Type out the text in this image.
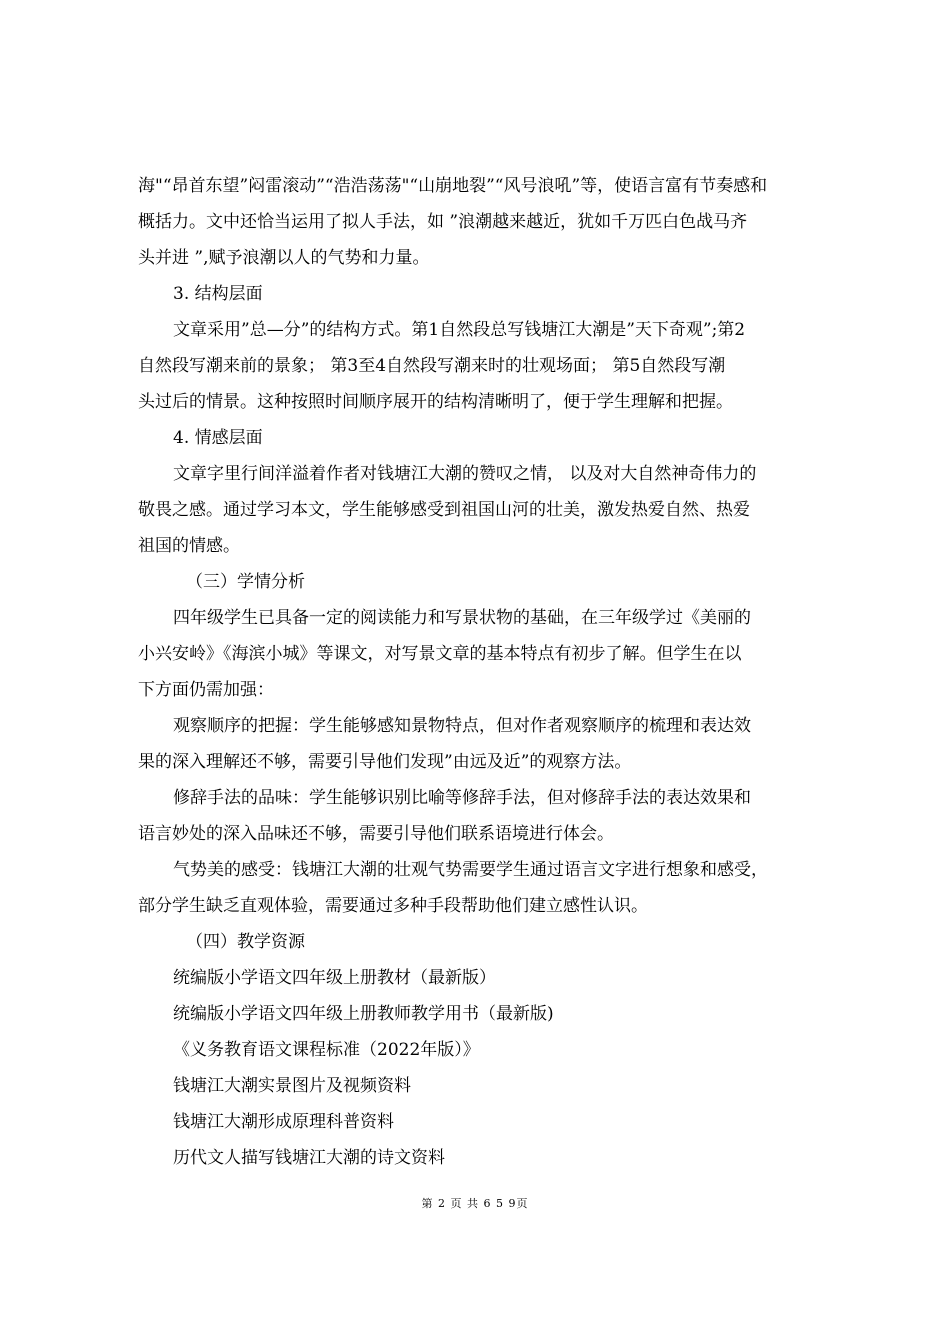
海"“昂首东望”闷雷滚动”“浩浩荡荡"“山崩地裂”“风号浪吼”等，使语言富有节奏感和
概括力。文中还恰当运用了拟人手法，如 ”浪潮越来越近，犹如千万匹白色战马齐
头并进 ”,赋予浪潮以人的气势和力量。
3. 结构层面
文章采用”总—分”的结构方式。第1自然段总写钱塘江大潮是”天下奇观”;第2
自然段写潮来前的景象； 第3至4自然段写潮来时的壮观场面； 第5自然段写潮
头过后的情景。这种按照时间顺序展开的结构清晰明了，便于学生理解和把握。
4. 情感层面
文章字里行间洋溢着作者对钱塘江大潮的赞叹之情， 以及对大自然神奇伟力的
敬畏之感。通过学习本文，学生能够感受到祖国山河的壮美，激发热爱自然、热爱
祖国的情感。
（三）学情分析
四年级学生已具备一定的阅读能力和写景状物的基础，在三年级学过《美丽的
小兴安岭》《海滨小城》等课文，对写景文章的基本特点有初步了解。但学生在以
下方面仍需加强：
观察顺序的把握：学生能够感知景物特点，但对作者观察顺序的梳理和表达效
果的深入理解还不够，需要引导他们发现”由远及近”的观察方法。
修辞手法的品味：学生能够识别比喻等修辞手法，但对修辞手法的表达效果和
语言妙处的深入品味还不够，需要引导他们联系语境进行体会。
气势美的感受：钱塘江大潮的壮观气势需要学生通过语言文字进行想象和感受，
部分学生缺乏直观体验，需要通过多种手段帮助他们建立感性认识。
（四）教学资源
统编版小学语文四年级上册教材（最新版）
统编版小学语文四年级上册教师教学用书（最新版)
《义务教育语文课程标准（2022年版）》
钱塘江大潮实景图片及视频资料
钱塘江大潮形成原理科普资料
历代文人描写钱塘江大潮的诗文资料
第 2 页 共 6 5 9页
